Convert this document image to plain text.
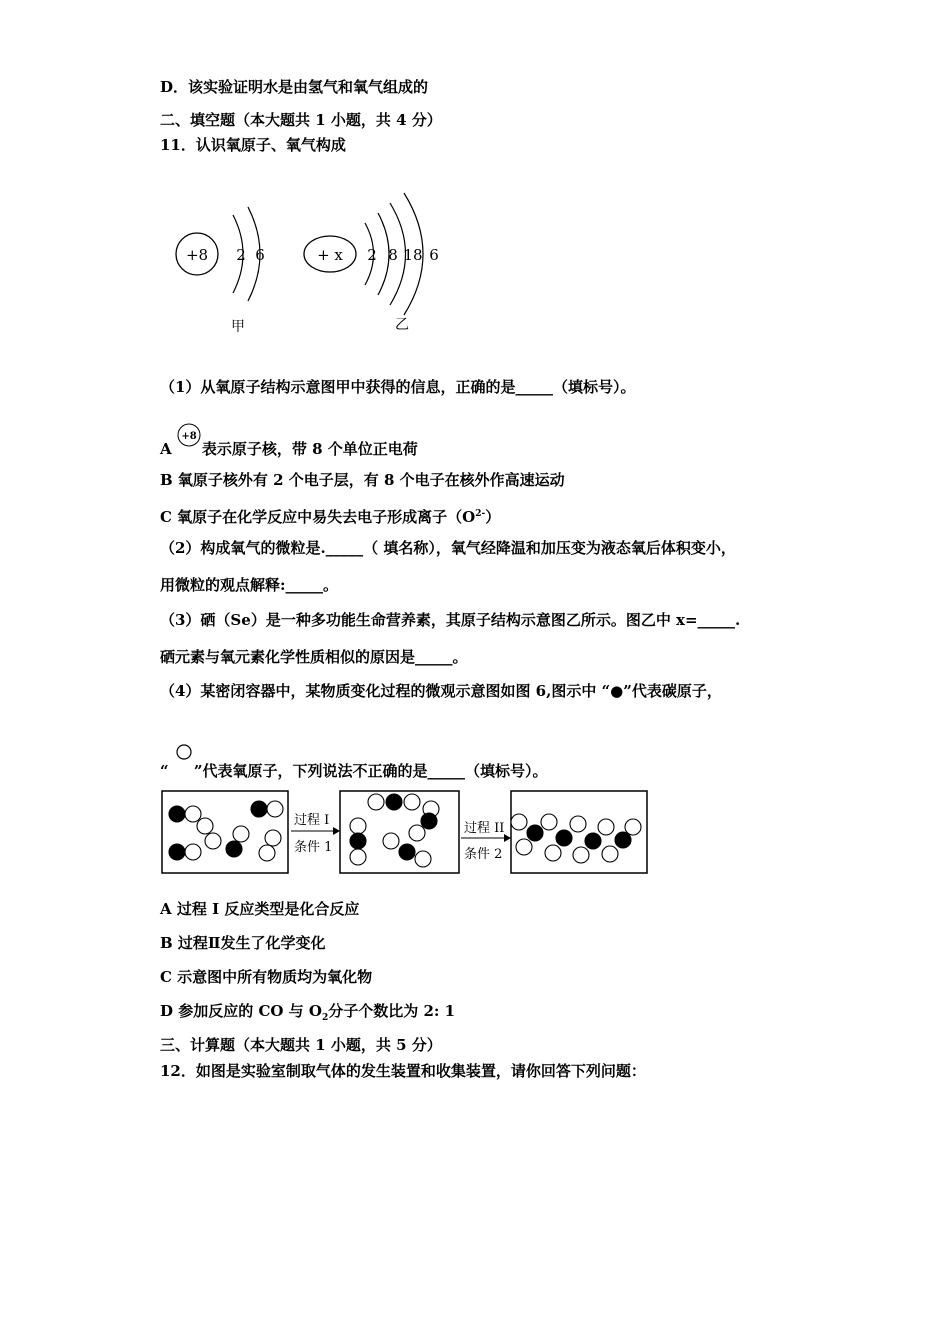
D．该实验证明水是由氢气和氧气组成的
二、填空题（本大题共 1 小题，共 4 分）
11．认识氧原子、氧气构成
+8 2 6
甲
+ x 2 8 18 6
乙
（1）从氧原子结构示意图甲中获得的信息，正确的是_____（填标号）。
A
+8
表示原子核，带 8 个单位正电荷
B 氧原子核外有 2 个电子层，有 8 个电子在核外作高速运动
C 氧原子在化学反应中易失去电子形成离子$(O^{2-})$
（2）构成氧气的微粒是._____（ 填名称），氧气经降温和加压变为液态氧后体积变小，
用微粒的观点解释:_____。
（3）硒（Se）是一种多功能生命营养素，其原子结构示意图乙所示。图乙中 x=_____.
硒元素与氧元素化学性质相似的原因是_____。
（4）某密闭容器中，某物质变化过程的微观示意图如图 6,图示中 “●”代表碳原子，
“ ”代表氧原子，下列说法不正确的是_____（填标号）。
过程 I
条件 1
过程 II
条件 2
A 过程 I 反应类型是化合反应
B 过程Ⅱ发生了化学变化
C 示意图中所有物质均为氧化物
D 参加反应的 CO 与 $O_2$分子个数比为 2: 1
三、计算题（本大题共 1 小题，共 5 分）
12．如图是实验室制取气体的发生装置和收集装置，请你回答下列问题：
